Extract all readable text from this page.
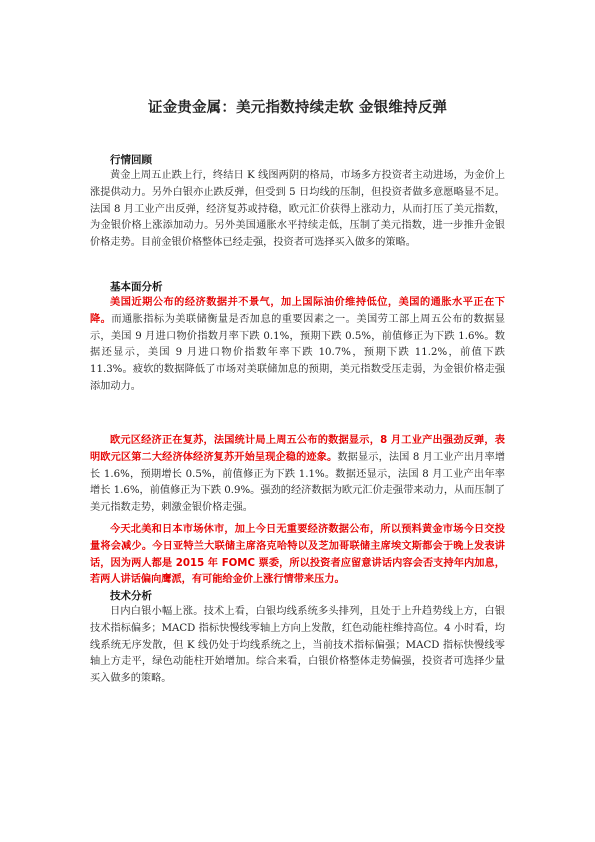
证金贵金属：美元指数持续走软 金银维持反弹
行情回顾

黄金上周五止跌上行，终结日 K 线图两阴的格局，市场多方投资者主动进场，为金价上涨提供动力。另外白银亦止跌反弹，但受到 5 日均线的压制，但投资者做多意愿略显不足。法国 8 月工业产出反弹，经济复苏或持稳，欧元汇价获得上涨动力，从而打压了美元指数，为金银价格上涨添加动力。另外美国通胀水平持续走低，压制了美元指数，进一步推升金银价格走势。目前金银价格整体已经走强，投资者可选择买入做多的策略。

基本面分析

美国近期公布的经济数据并不景气，加上国际油价维持低位，美国的通胀水平正在下降。而通胀指标为美联储衡量是否加息的重要因素之一。美国劳工部上周五公布的数据显示，美国 9 月进口物价指数月率下跌 0.1%，预期下跌 0.5%，前值修正为下跌 1.6%。数据还显示，美国 9 月进口物价指数年率下跌 10.7%，预期下跌 11.2%，前值下跌 11.3%。疲软的数据降低了市场对美联储加息的预期，美元指数受压走弱，为金银价格走强添加动力。

欧元区经济正在复苏，法国统计局上周五公布的数据显示，8 月工业产出强劲反弹，表明欧元区第二大经济体经济复苏开始呈现企稳的迹象。数据显示，法国 8 月工业产出月率增长 1.6%，预期增长 0.5%，前值修正为下跌 1.1%。数据还显示，法国 8 月工业产出年率增长 1.6%，前值修正为下跌 0.9%。强劲的经济数据为欧元汇价走强带来动力，从而压制了美元指数走势，刺激金银价格走强。

今天北美和日本市场休市，加上今日无重要经济数据公布，所以预料黄金市场今日交投量将会减少。今日亚特兰大联储主席洛克哈特以及芝加哥联储主席埃文斯都会于晚上发表讲话，因为两人都是 2015 年 FOMC 票委，所以投资者应留意讲话内容会否支持年内加息，若两人讲话偏向鹰派，有可能给金价上涨行情带来压力。

技术分析

日内白银小幅上涨。技术上看，白银均线系统多头排列，且处于上升趋势线上方，白银技术指标偏多；MACD 指标快慢线零轴上方向上发散，红色动能柱维持高位。4 小时看，均线系统无序发散，但 K 线仍处于均线系统之上，当前技术指标偏强；MACD 指标快慢线零轴上方走平，绿色动能柱开始增加。综合来看，白银价格整体走势偏强，投资者可选择少量买入做多的策略。
